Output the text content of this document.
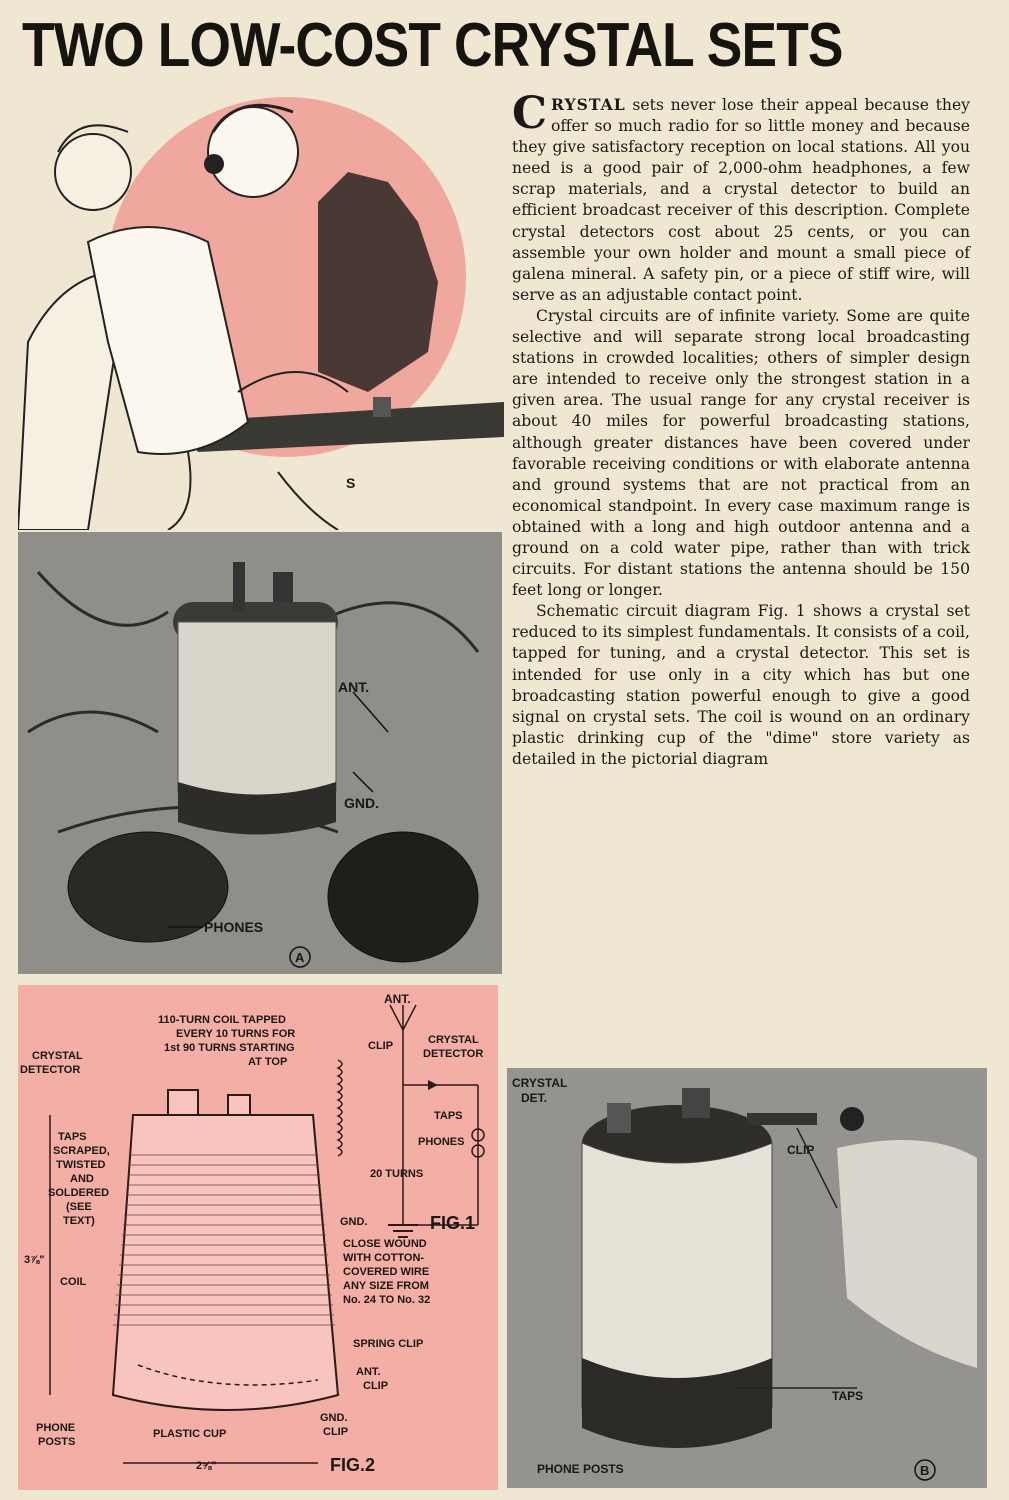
TWO LOW-COST CRYSTAL SETS
S
ANT.
GND.
PHONES
A
ANT.
110-TURN COIL TAPPED EVERY 10 TURNS FOR 1st 90 TURNS STARTING AT TOP
CLIP	CRYSTAL DETECTOR
CRYSTAL DETECTOR
TAPS
PHONES
20 TURNS
GND.	FIG.1
TAPS SCRAPED, TWISTED AND SOLDERED (SEE TEXT)
3⅞"
COIL
CLOSE WOUND WITH COTTON- COVERED WIRE ANY SIZE FROM No. 24 TO No. 32
SPRING CLIP
ANT. CLIP
GND. CLIP
PHONE POSTS
PLASTIC CUP
2⅝"	FIG.2
CRYSTAL DET.
CLIP
TAPS
PHONE POSTS	B

CRYSTAL sets never lose their appeal because they offer so much radio for so little money and because they give satisfactory reception on local stations. All you need is a good pair of 2,000-ohm headphones, a few scrap materials, and a crystal detector to build an efficient broadcast receiver of this description. Complete crystal detectors cost about 25 cents, or you can assemble your own holder and mount a small piece of galena mineral. A safety pin, or a piece of stiff wire, will serve as an adjustable contact point.

Crystal circuits are of infinite variety. Some are quite selective and will separate strong local broadcasting stations in crowded localities; others of simpler design are intended to receive only the strongest station in a given area. The usual range for any crystal receiver is about 40 miles for powerful broadcasting stations, although greater distances have been covered under favorable receiving conditions or with elaborate antenna and ground systems that are not practical from an economical standpoint. In every case maximum range is obtained with a long and high outdoor antenna and a ground on a cold water pipe, rather than with trick circuits. For distant stations the antenna should be 150 feet long or longer.

Schematic circuit diagram Fig. 1 shows a crystal set reduced to its simplest fundamentals. It consists of a coil, tapped for tuning, and a crystal detector. This set is intended for use only in a city which has but one broadcasting station powerful enough to give a good signal on crystal sets. The coil is wound on an ordinary plastic drinking cup of the "dime" store variety as detailed in the pictorial diagram
